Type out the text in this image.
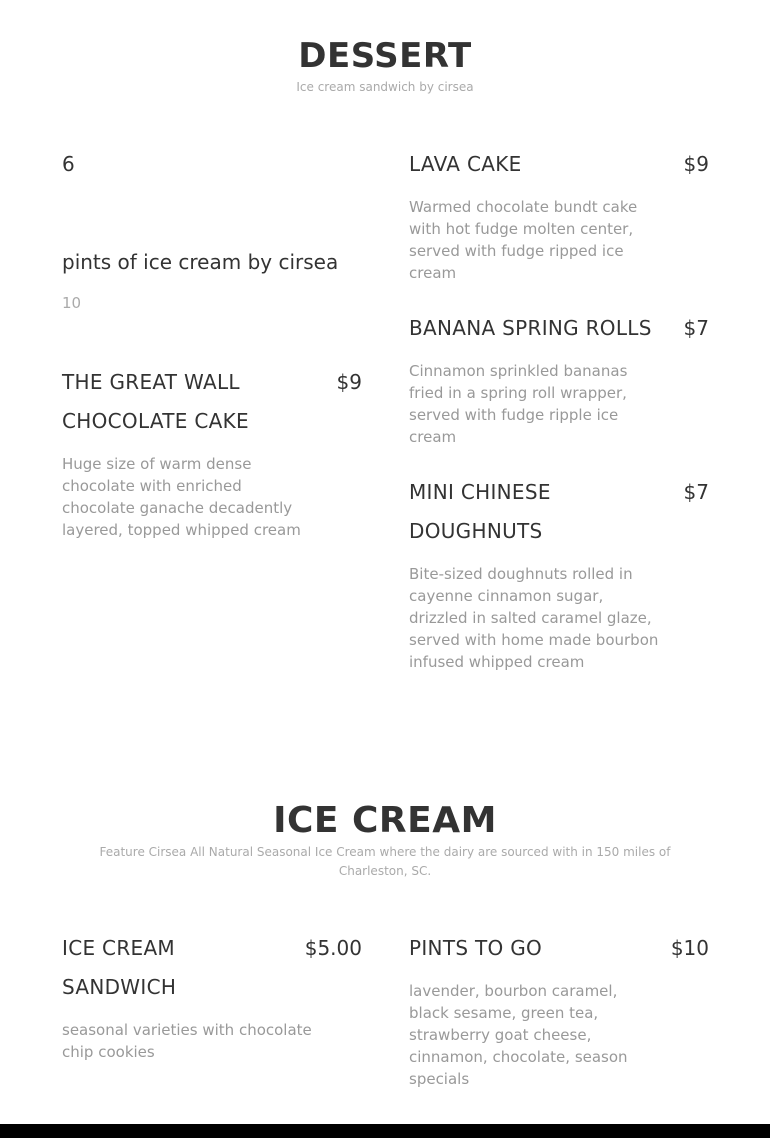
DESSERT

Ice cream sandwich by cirsea

6
pints of ice cream by cirsea
10
LAVA CAKE	$9
Warmed chocolate bundt cake with hot fudge molten center, served with fudge ripped ice cream
BANANA SPRING ROLLS	$7
Cinnamon sprinkled bananas fried in a spring roll wrapper, served with fudge ripple ice cream
THE GREAT WALL CHOCOLATE CAKE
$9
Huge size of warm dense chocolate with enriched chocolate ganache decadently layered, topped whipped cream
MINI CHINESE DOUGHNUTS
$7
Bite-sized doughnuts rolled in cayenne cinnamon sugar, drizzled in salted caramel glaze, served with home made bourbon infused whipped cream
ICE CREAM

Feature Cirsea All Natural Seasonal Ice Cream where the dairy are sourced with in 150 miles of Charleston, SC.

ICE CREAM SANDWICH
$5.00
seasonal varieties with chocolate chip cookies
PINTS TO GO	$10
lavender, bourbon caramel, black sesame, green tea, strawberry goat cheese, cinnamon, chocolate, season specials
